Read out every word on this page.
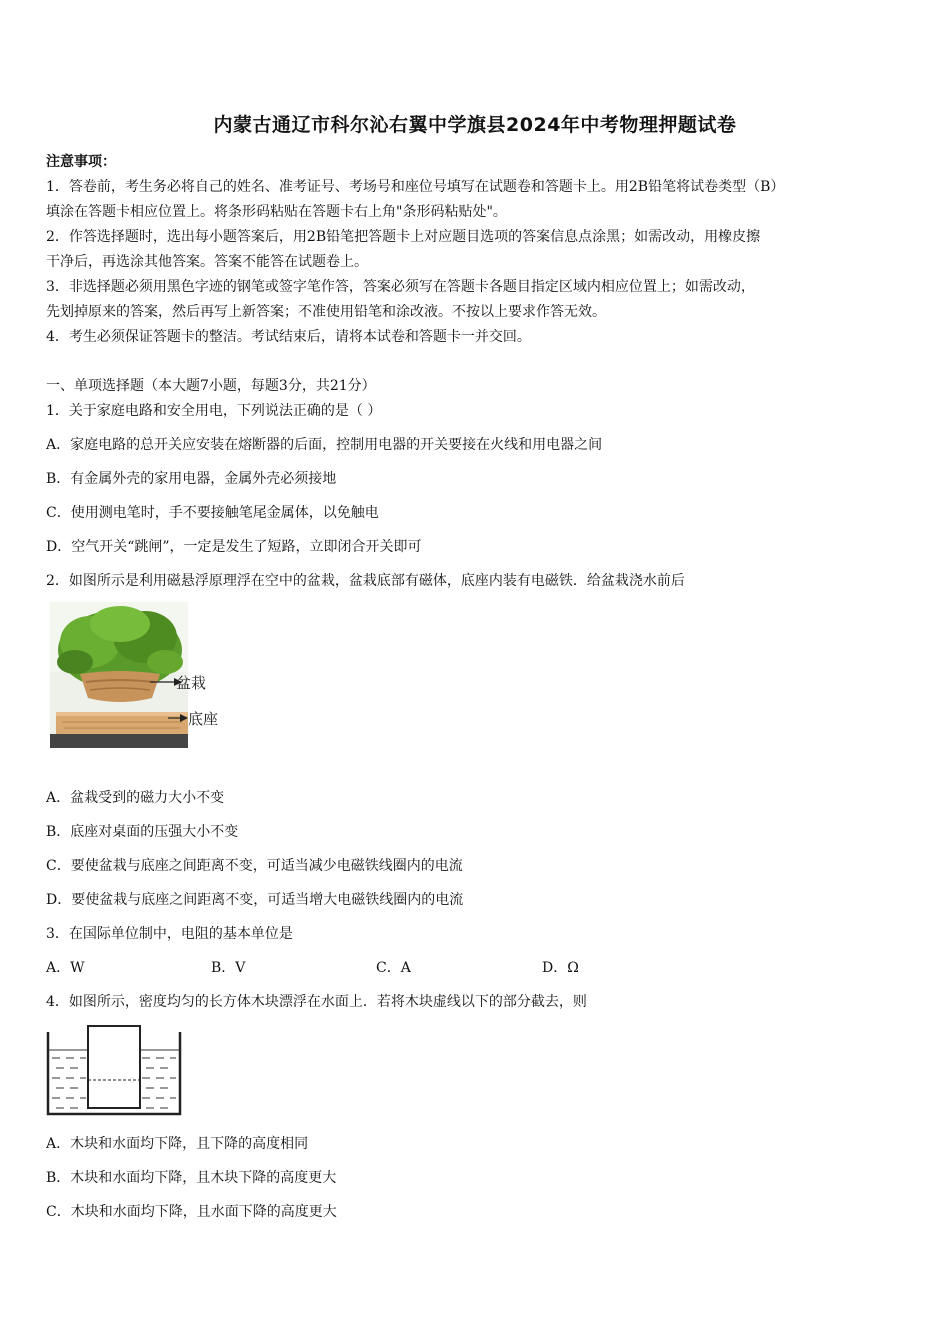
内蒙古通辽市科尔沁右翼中学旗县2024年中考物理押题试卷
注意事项：
1．答卷前，考生务必将自己的姓名、准考证号、考场号和座位号填写在试题卷和答题卡上。用2B铅笔将试卷类型（B）
填涂在答题卡相应位置上。将条形码粘贴在答题卡右上角"条形码粘贴处"。
2．作答选择题时，选出每小题答案后，用2B铅笔把答题卡上对应题目选项的答案信息点涂黑；如需改动，用橡皮擦
干净后，再选涂其他答案。答案不能答在试题卷上。
3．非选择题必须用黑色字迹的钢笔或签字笔作答，答案必须写在答题卡各题目指定区域内相应位置上；如需改动，
先划掉原来的答案，然后再写上新答案；不准使用铅笔和涂改液。不按以上要求作答无效。
4．考生必须保证答题卡的整洁。考试结束后，请将本试卷和答题卡一并交回。
一、单项选择题（本大题7小题，每题3分，共21分）
1．关于家庭电路和安全用电，下列说法正确的是（ ）
A．家庭电路的总开关应安装在熔断器的后面，控制用电器的开关要接在火线和用电器之间
B．有金属外壳的家用电器，金属外壳必须接地
C．使用测电笔时，手不要接触笔尾金属体，以免触电
D．空气开关“跳闸”，一定是发生了短路，立即闭合开关即可
2．如图所示是利用磁悬浮原理浮在空中的盆栽，盆栽底部有磁体，底座内装有电磁铁．给盆栽浇水前后
盆栽
底座
A．盆栽受到的磁力大小不变
B．底座对桌面的压强大小不变
C．要使盆栽与底座之间距离不变，可适当减少电磁铁线圈内的电流
D．要使盆栽与底座之间距离不变，可适当增大电磁铁线圈内的电流
3．在国际单位制中，电阻的基本单位是
A．W	B．V	C．A	D．Ω
4．如图所示，密度均匀的长方体木块漂浮在水面上．若将木块虚线以下的部分截去，则
A．木块和水面均下降，且下降的高度相同
B．木块和水面均下降，且木块下降的高度更大
C．木块和水面均下降，且水面下降的高度更大
